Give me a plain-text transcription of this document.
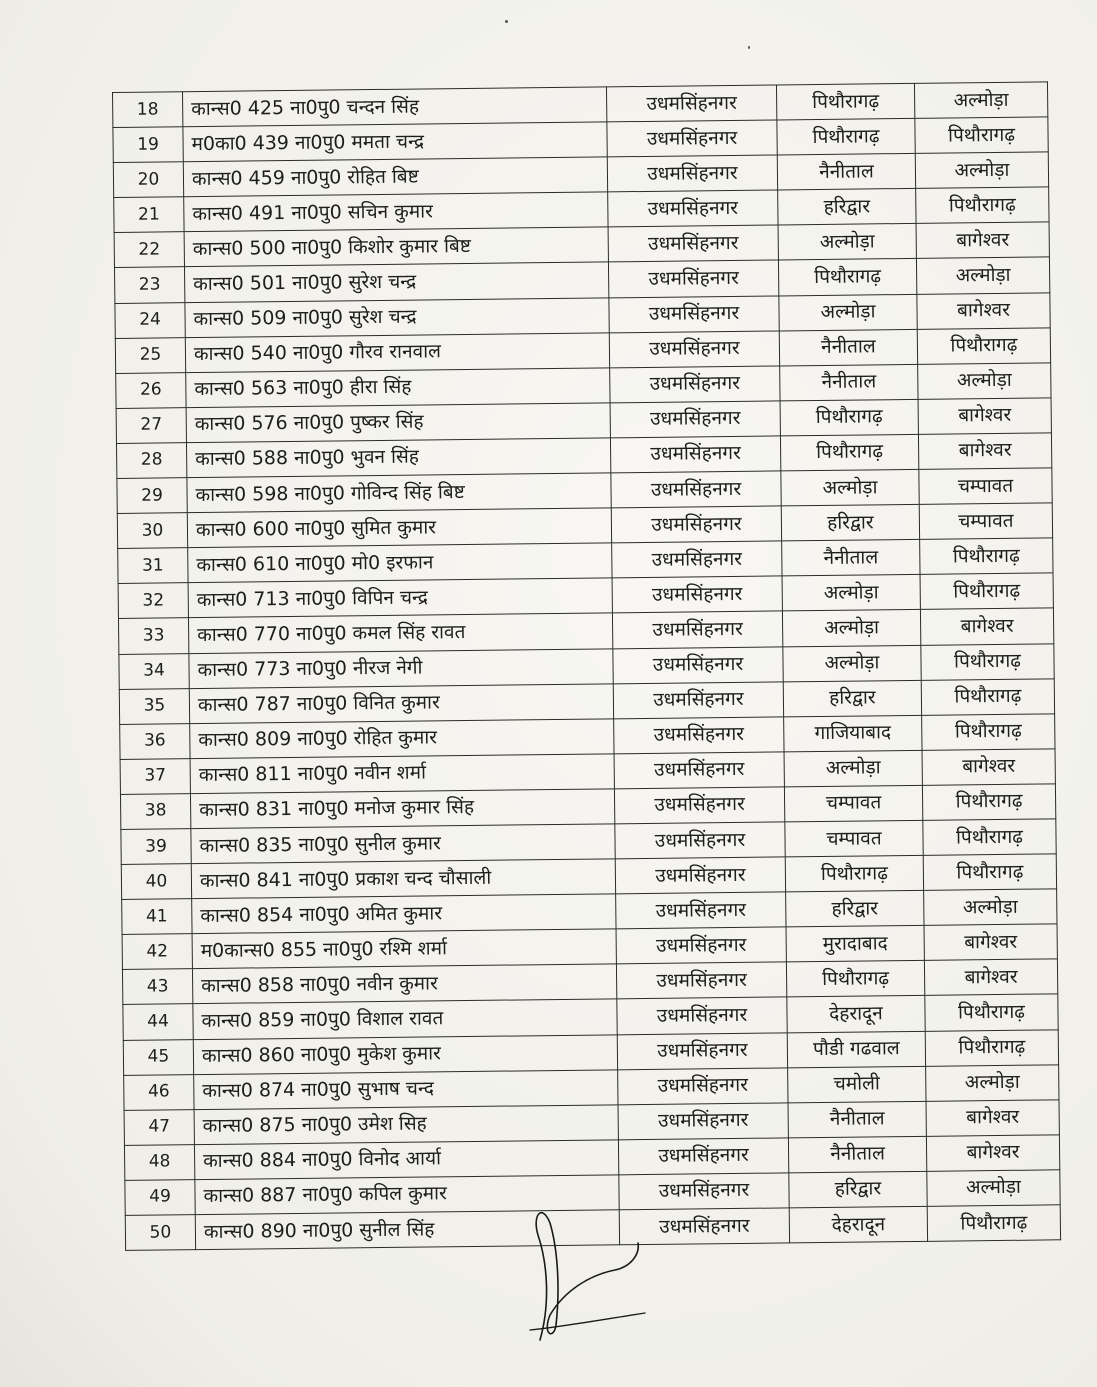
18	कान्स0 425 ना0पु0 चन्दन सिंह	उधमसिंहनगर	पिथौरागढ़	अल्मोड़ा
19	म0का0 439 ना0पु0 ममता चन्द्र	उधमसिंहनगर	पिथौरागढ़	पिथौरागढ़
20	कान्स0 459 ना0पु0 रोहित बिष्ट	उधमसिंहनगर	नैनीताल	अल्मोड़ा
21	कान्स0 491 ना0पु0 सचिन कुमार	उधमसिंहनगर	हरिद्वार	पिथौरागढ़
22	कान्स0 500 ना0पु0 किशोर कुमार बिष्ट	उधमसिंहनगर	अल्मोड़ा	बागेश्वर
23	कान्स0 501 ना0पु0 सुरेश चन्द्र	उधमसिंहनगर	पिथौरागढ़	अल्मोड़ा
24	कान्स0 509 ना0पु0 सुरेश चन्द्र	उधमसिंहनगर	अल्मोड़ा	बागेश्वर
25	कान्स0 540 ना0पु0 गौरव रानवाल	उधमसिंहनगर	नैनीताल	पिथौरागढ़
26	कान्स0 563 ना0पु0 हीरा सिंह	उधमसिंहनगर	नैनीताल	अल्मोड़ा
27	कान्स0 576 ना0पु0 पुष्कर सिंह	उधमसिंहनगर	पिथौरागढ़	बागेश्वर
28	कान्स0 588 ना0पु0 भुवन सिंह	उधमसिंहनगर	पिथौरागढ़	बागेश्वर
29	कान्स0 598 ना0पु0 गोविन्द सिंह बिष्ट	उधमसिंहनगर	अल्मोड़ा	चम्पावत
30	कान्स0 600 ना0पु0 सुमित कुमार	उधमसिंहनगर	हरिद्वार	चम्पावत
31	कान्स0 610 ना0पु0 मो0 इरफान	उधमसिंहनगर	नैनीताल	पिथौरागढ़
32	कान्स0 713 ना0पु0 विपिन चन्द्र	उधमसिंहनगर	अल्मोड़ा	पिथौरागढ़
33	कान्स0 770 ना0पु0 कमल सिंह रावत	उधमसिंहनगर	अल्मोड़ा	बागेश्वर
34	कान्स0 773 ना0पु0 नीरज नेगी	उधमसिंहनगर	अल्मोड़ा	पिथौरागढ़
35	कान्स0 787 ना0पु0 विनित कुमार	उधमसिंहनगर	हरिद्वार	पिथौरागढ़
36	कान्स0 809 ना0पु0 रोहित कुमार	उधमसिंहनगर	गाजियाबाद	पिथौरागढ़
37	कान्स0 811 ना0पु0 नवीन शर्मा	उधमसिंहनगर	अल्मोड़ा	बागेश्वर
38	कान्स0 831 ना0पु0 मनोज कुमार सिंह	उधमसिंहनगर	चम्पावत	पिथौरागढ़
39	कान्स0 835 ना0पु0 सुनील कुमार	उधमसिंहनगर	चम्पावत	पिथौरागढ़
40	कान्स0 841 ना0पु0 प्रकाश चन्द चौसाली	उधमसिंहनगर	पिथौरागढ़	पिथौरागढ़
41	कान्स0 854 ना0पु0 अमित कुमार	उधमसिंहनगर	हरिद्वार	अल्मोड़ा
42	म0कान्स0 855 ना0पु0 रश्मि शर्मा	उधमसिंहनगर	मुरादाबाद	बागेश्वर
43	कान्स0 858 ना0पु0 नवीन कुमार	उधमसिंहनगर	पिथौरागढ़	बागेश्वर
44	कान्स0 859 ना0पु0 विशाल रावत	उधमसिंहनगर	देहरादून	पिथौरागढ़
45	कान्स0 860 ना0पु0 मुकेश कुमार	उधमसिंहनगर	पौडी गढवाल	पिथौरागढ़
46	कान्स0 874 ना0पु0 सुभाष चन्द	उधमसिंहनगर	चमोली	अल्मोड़ा
47	कान्स0 875 ना0पु0 उमेश सिह	उधमसिंहनगर	नैनीताल	बागेश्वर
48	कान्स0 884 ना0पु0 विनोद आर्या	उधमसिंहनगर	नैनीताल	बागेश्वर
49	कान्स0 887 ना0पु0 कपिल कुमार	उधमसिंहनगर	हरिद्वार	अल्मोड़ा
50	कान्स0 890 ना0पु0 सुनील सिंह	उधमसिंहनगर	देहरादून	पिथौरागढ़
